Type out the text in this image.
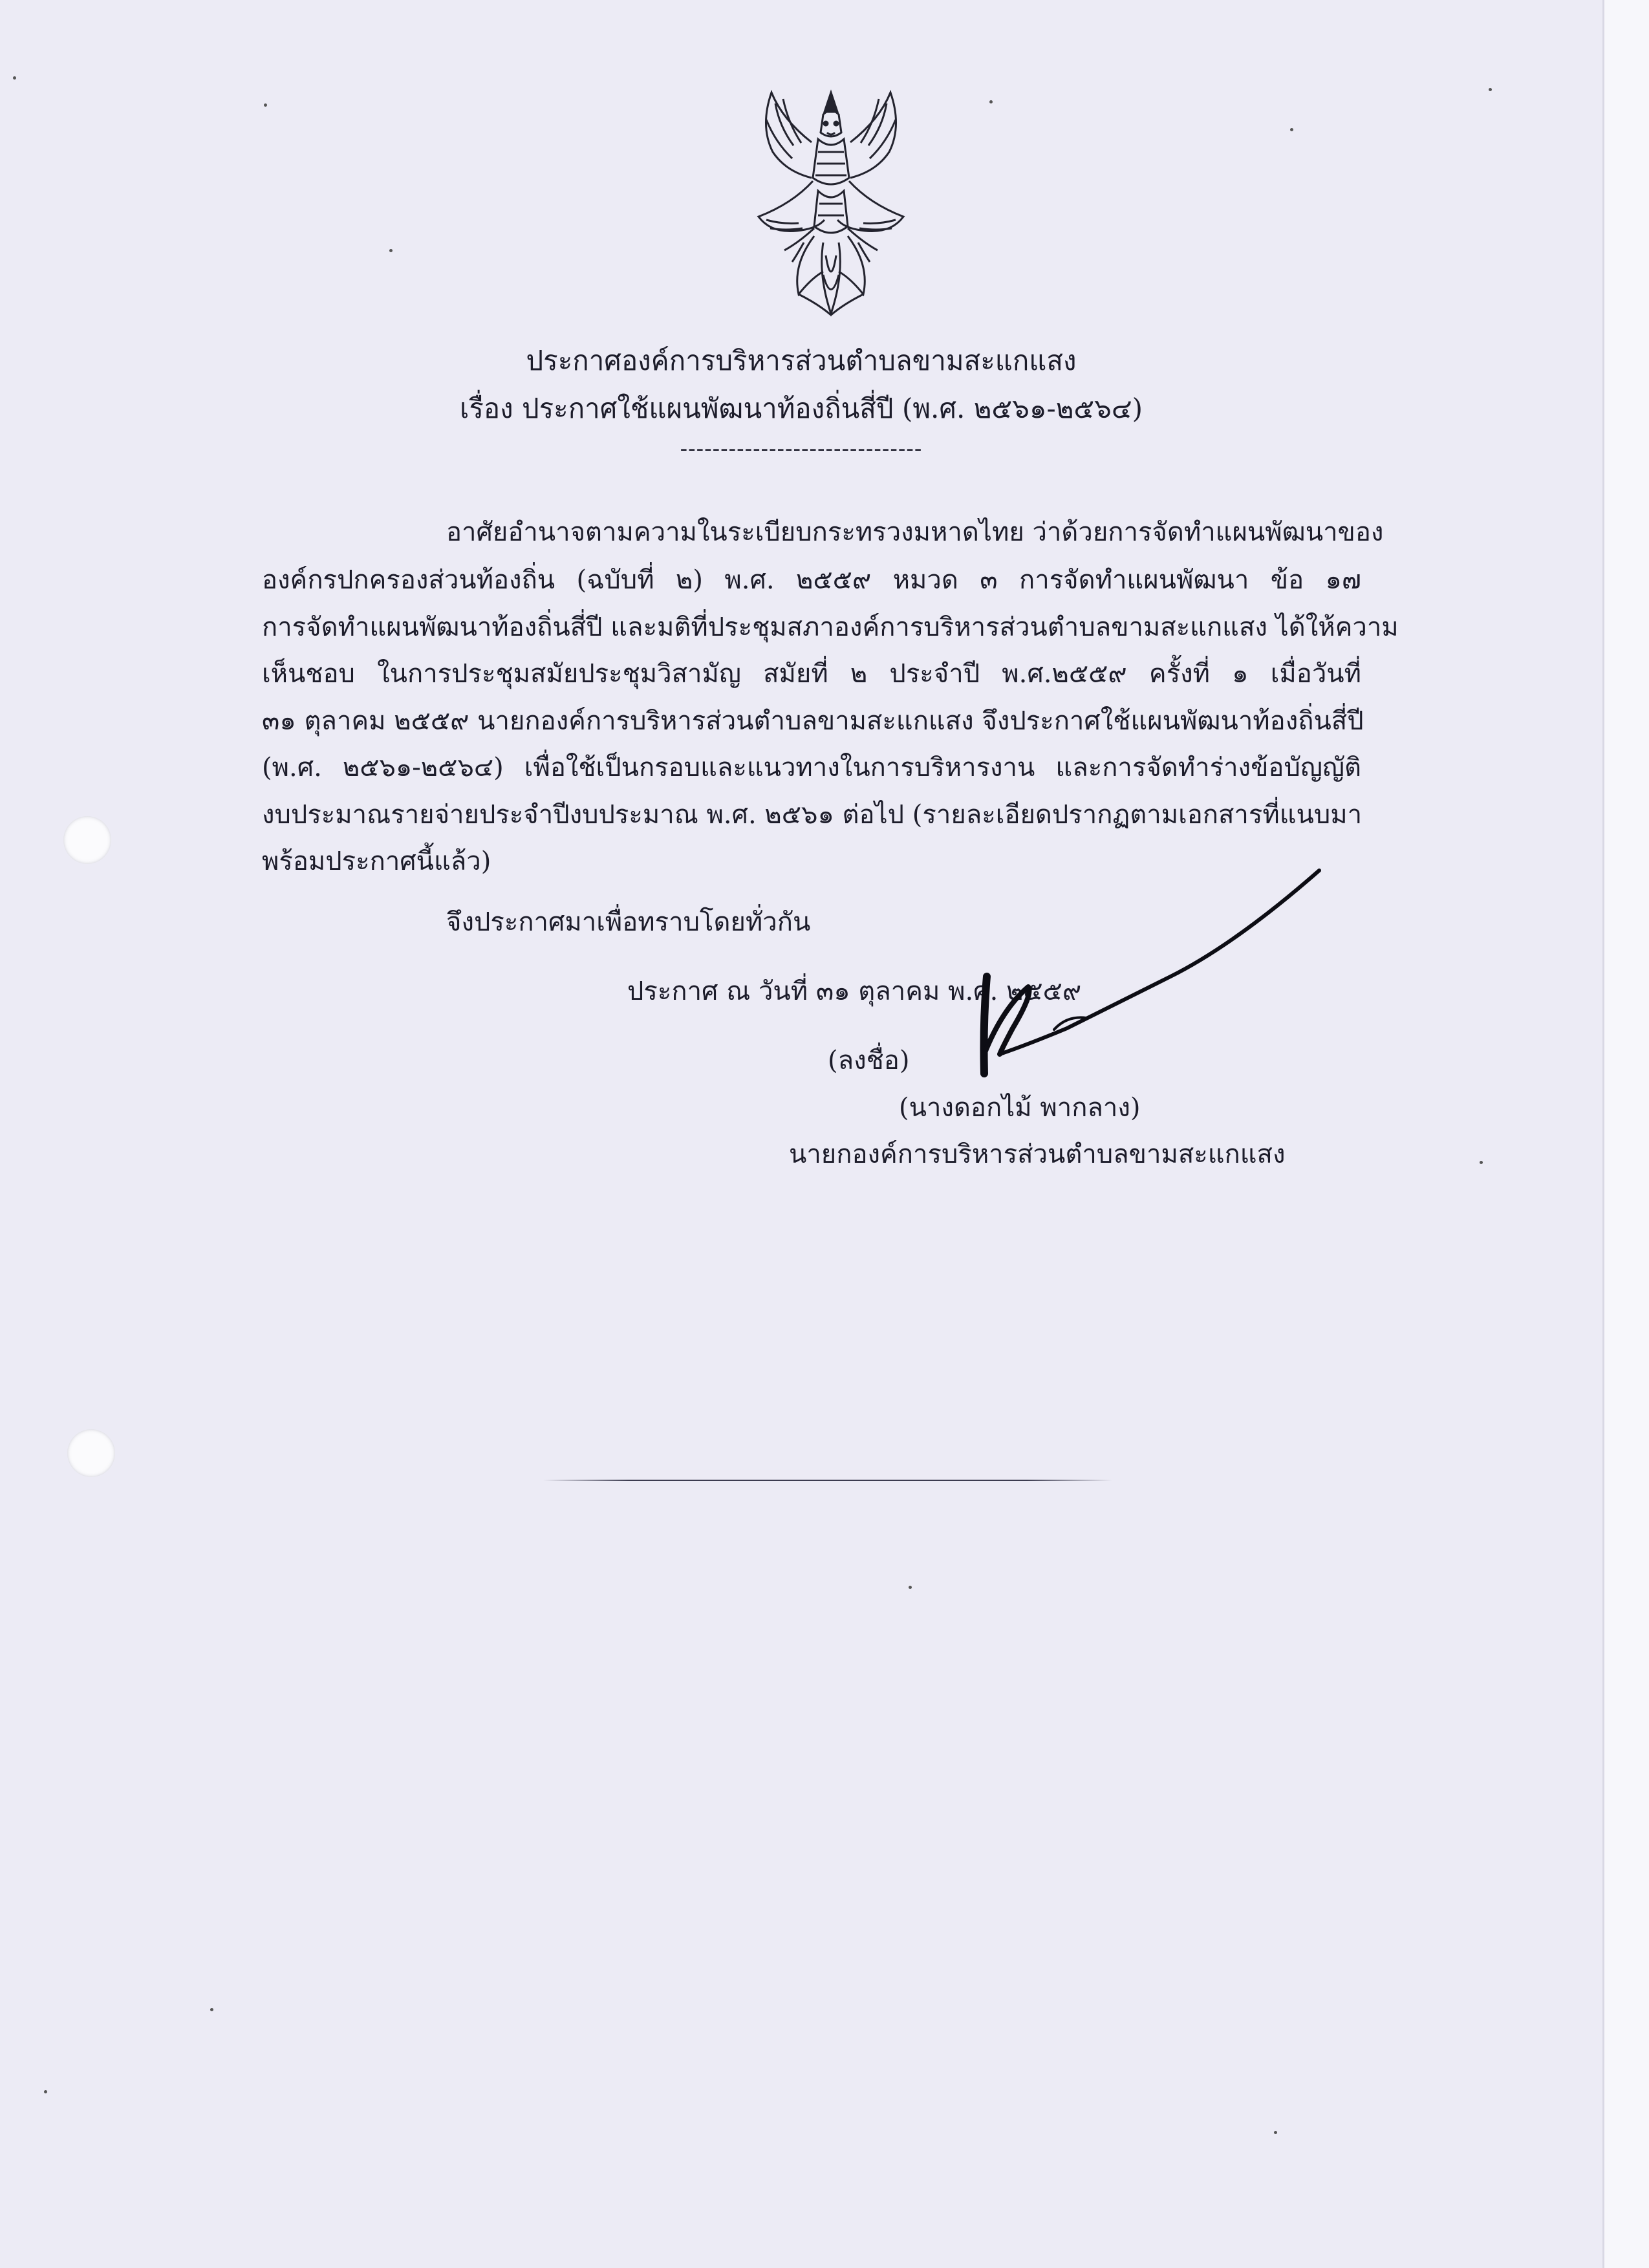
ประกาศองค์การบริหารส่วนตำบลขามสะแกแสง
เรื่อง ประกาศใช้แผนพัฒนาท้องถิ่นสี่ปี (พ.ศ. ๒๕๖๑-๒๕๖๔)
------------------------------
อาศัยอำนาจตามความในระเบียบกระทรวงมหาดไทย ว่าด้วยการจัดทำแผนพัฒนาของ
องค์กรปกครองส่วนท้องถิ่น (ฉบับที่ ๒) พ.ศ. ๒๕๕๙ หมวด ๓ การจัดทำแผนพัฒนา ข้อ ๑๗
การจัดทำแผนพัฒนาท้องถิ่นสี่ปี และมติที่ประชุมสภาองค์การบริหารส่วนตำบลขามสะแกแสง ได้ให้ความ
เห็นชอบ ในการประชุมสมัยประชุมวิสามัญ สมัยที่ ๒ ประจำปี พ.ศ.๒๕๕๙ ครั้งที่ ๑ เมื่อวันที่
๓๑ ตุลาคม ๒๕๕๙ นายกองค์การบริหารส่วนตำบลขามสะแกแสง จึงประกาศใช้แผนพัฒนาท้องถิ่นสี่ปี
(พ.ศ. ๒๕๖๑-๒๕๖๔) เพื่อใช้เป็นกรอบและแนวทางในการบริหารงาน และการจัดทำร่างข้อบัญญัติ
งบประมาณรายจ่ายประจำปีงบประมาณ พ.ศ. ๒๕๖๑ ต่อไป (รายละเอียดปรากฏตามเอกสารที่แนบมา
พร้อมประกาศนี้แล้ว)
จึงประกาศมาเพื่อทราบโดยทั่วกัน
ประกาศ ณ วันที่ ๓๑ ตุลาคม พ.ศ. ๒๕๕๙
(ลงชื่อ)
(นางดอกไม้ พากลาง)
นายกองค์การบริหารส่วนตำบลขามสะแกแสง
